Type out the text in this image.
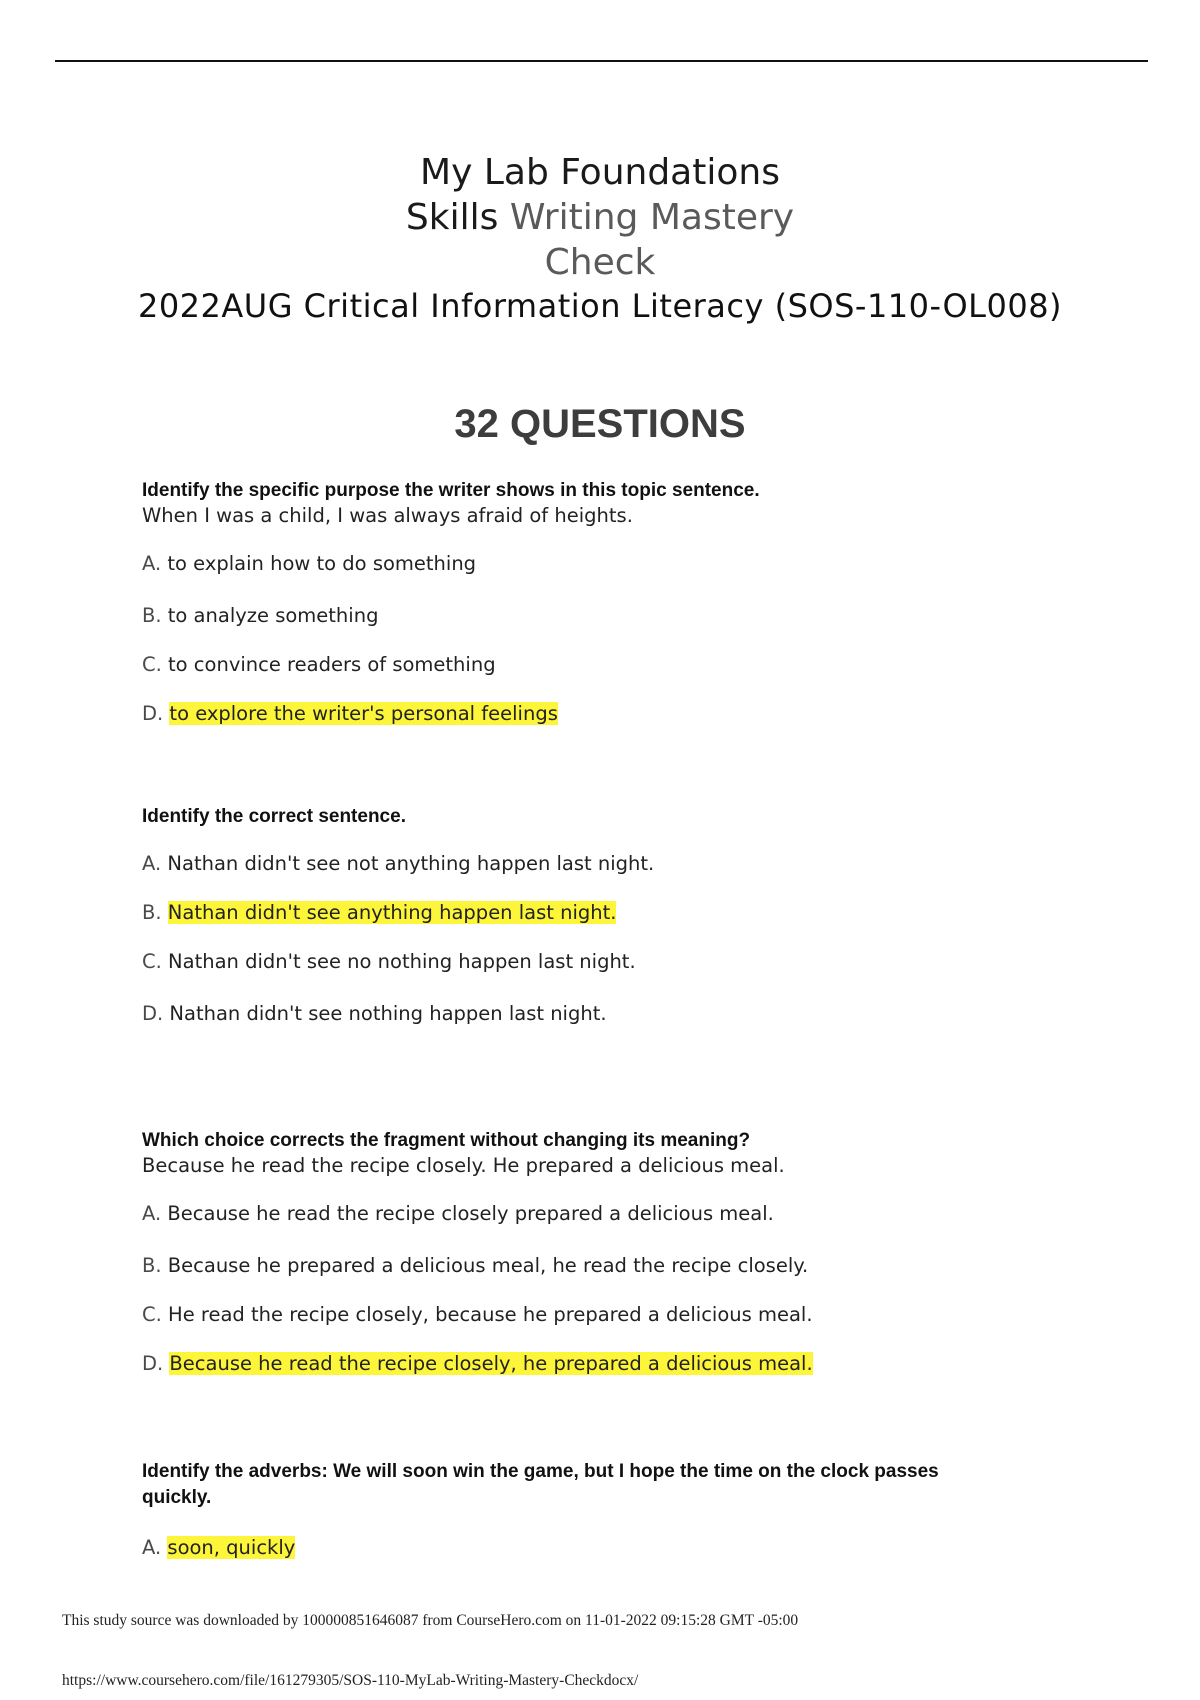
My Lab Foundations
Skills Writing Mastery
Check
2022AUG Critical Information Literacy (SOS-110-OL008)
32 QUESTIONS
Identify the specific purpose the writer shows in this topic sentence.
When I was a child, I was always afraid of heights.
A. to explain how to do something
B. to analyze something
C. to convince readers of something
D. to explore the writer's personal feelings
Identify the correct sentence.
A. Nathan didn't see not anything happen last night.
B. Nathan didn't see anything happen last night.
C. Nathan didn't see no nothing happen last night.
D. Nathan didn't see nothing happen last night.
Which choice corrects the fragment without changing its meaning?
Because he read the recipe closely. He prepared a delicious meal.
A. Because he read the recipe closely prepared a delicious meal.
B. Because he prepared a delicious meal, he read the recipe closely.
C. He read the recipe closely, because he prepared a delicious meal.
D. Because he read the recipe closely, he prepared a delicious meal.
Identify the adverbs: We will soon win the game, but I hope the time on the clock passes
quickly.
A. soon, quickly
This study source was downloaded by 100000851646087 from CourseHero.com on 11-01-2022 09:15:28 GMT -05:00
https://www.coursehero.com/file/161279305/SOS-110-MyLab-Writing-Mastery-Checkdocx/
